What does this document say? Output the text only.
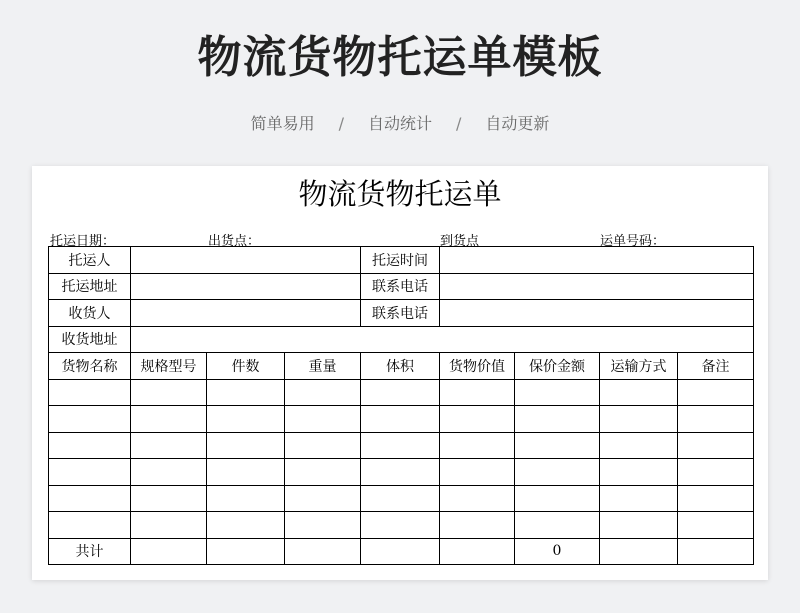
物流货物托运单模板
简单易用 / 自动统计 / 自动更新
物流货物托运单
托运日期：	出货点：	到货点	运单号码：
托运人				托运时间				
托运地址				联系电话				
收货人				联系电话				
收货地址								
货物名称	规格型号	件数	重量	体积	货物价值	保价金额	运输方式	备注

共计						0		
